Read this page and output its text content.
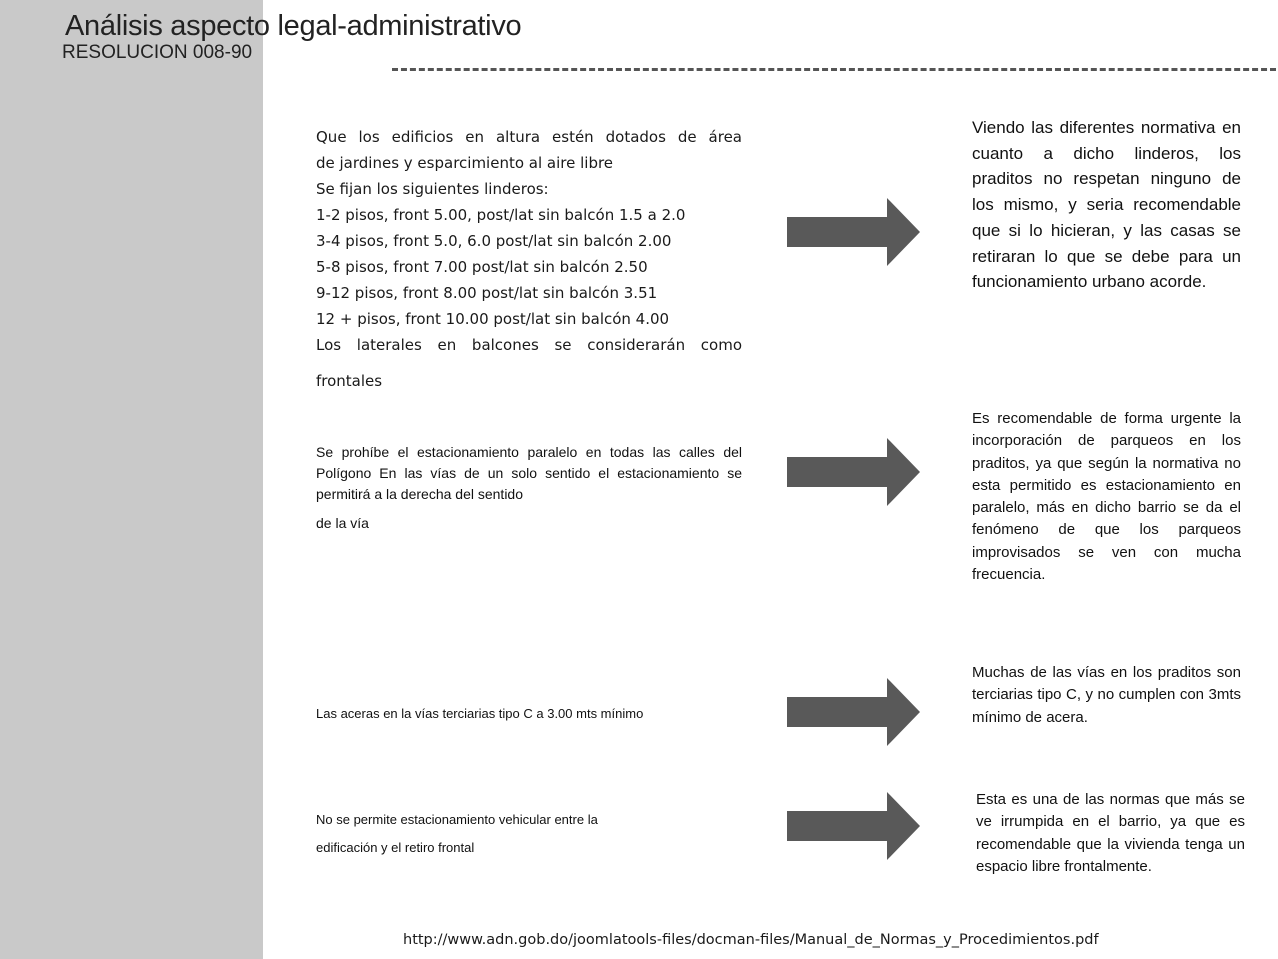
Análisis aspecto legal-administrativo
RESOLUCION 008-90
Que los edificios en altura estén dotados de área
de jardines y esparcimiento al aire libre
Se fijan los siguientes linderos:
1-2 pisos, front 5.00, post/lat sin balcón 1.5 a 2.0
3-4 pisos, front 5.0, 6.0 post/lat sin balcón 2.00
5-8 pisos, front 7.00 post/lat sin balcón 2.50
9-12 pisos, front 8.00 post/lat sin balcón 3.51
12 + pisos, front 10.00 post/lat sin balcón 4.00
Los laterales en balcones se considerarán como
frontales
Viendo las diferentes normativa en cuanto a dicho linderos, los praditos no respetan ninguno de los mismo, y seria recomendable que si lo hicieran, y las casas se retiraran lo que se debe para un funcionamiento urbano acorde.
Se prohíbe el estacionamiento paralelo en todas las calles del Polígono En las vías de un solo sentido el estacionamiento se permitirá a la derecha del sentido
de la vía
Es recomendable de forma urgente la incorporación de parqueos en los praditos, ya que según la normativa no esta permitido es estacionamiento en paralelo, más en dicho barrio se da el fenómeno de que los parqueos improvisados se ven con mucha frecuencia.
Las aceras en la vías terciarias tipo C a 3.00 mts mínimo
Muchas de las vías en los praditos son terciarias tipo C, y no cumplen con 3mts mínimo de acera.
No se permite estacionamiento vehicular entre la
edificación y el retiro frontal
Esta es una de las normas que más se ve irrumpida en el barrio, ya que es recomendable que la vivienda tenga un espacio libre frontalmente.
http://www.adn.gob.do/joomlatools-files/docman-files/Manual_de_Normas_y_Procedimientos.pdf
